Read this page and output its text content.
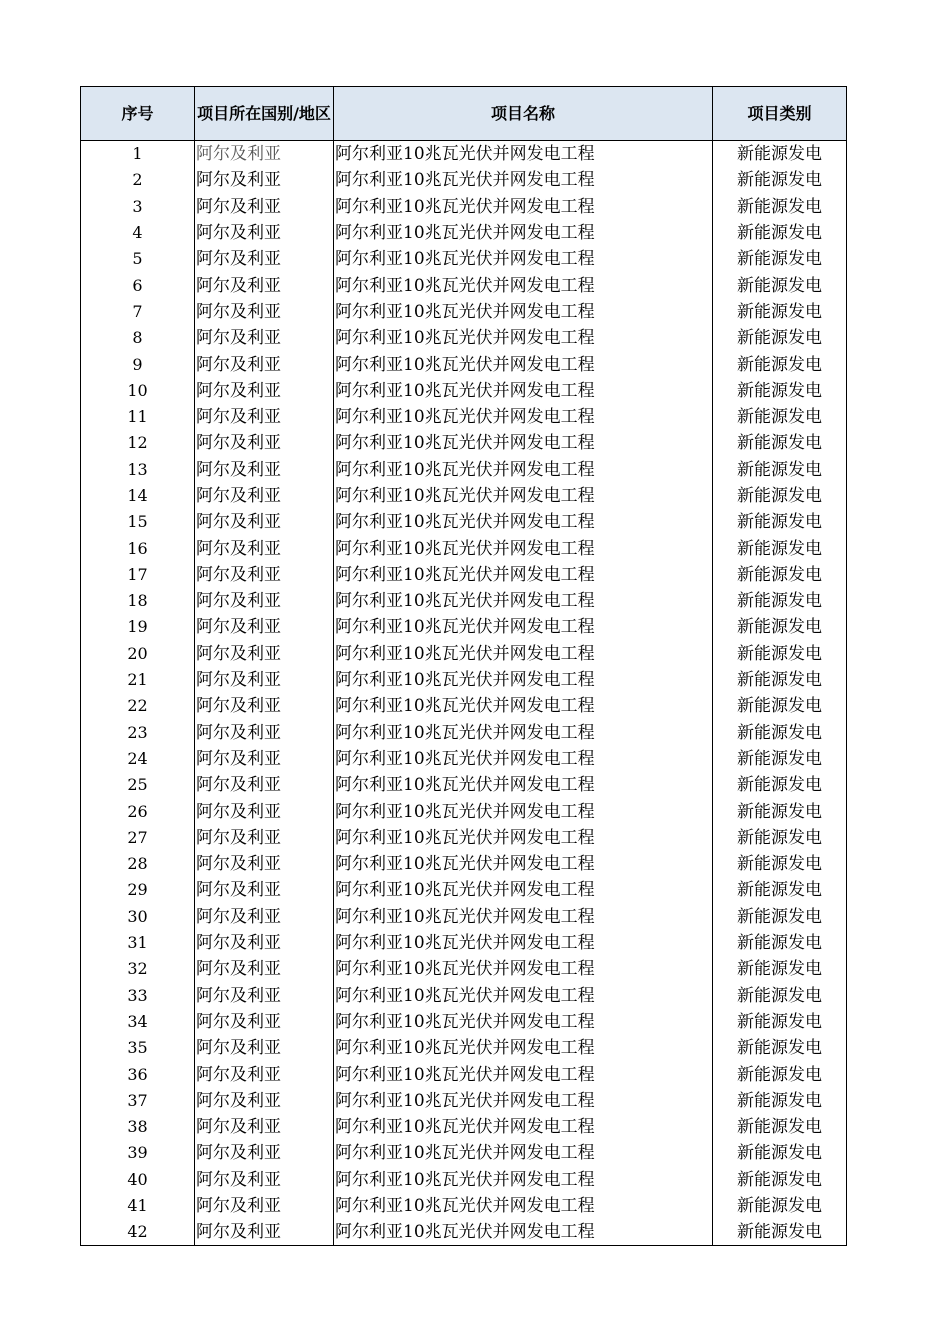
序号	项目所在国别/地区	项目名称	项目类别
1	阿尔及利亚	阿尔利亚10兆瓦光伏并网发电工程	新能源发电
2	阿尔及利亚	阿尔利亚10兆瓦光伏并网发电工程	新能源发电
3	阿尔及利亚	阿尔利亚10兆瓦光伏并网发电工程	新能源发电
4	阿尔及利亚	阿尔利亚10兆瓦光伏并网发电工程	新能源发电
5	阿尔及利亚	阿尔利亚10兆瓦光伏并网发电工程	新能源发电
6	阿尔及利亚	阿尔利亚10兆瓦光伏并网发电工程	新能源发电
7	阿尔及利亚	阿尔利亚10兆瓦光伏并网发电工程	新能源发电
8	阿尔及利亚	阿尔利亚10兆瓦光伏并网发电工程	新能源发电
9	阿尔及利亚	阿尔利亚10兆瓦光伏并网发电工程	新能源发电
10	阿尔及利亚	阿尔利亚10兆瓦光伏并网发电工程	新能源发电
11	阿尔及利亚	阿尔利亚10兆瓦光伏并网发电工程	新能源发电
12	阿尔及利亚	阿尔利亚10兆瓦光伏并网发电工程	新能源发电
13	阿尔及利亚	阿尔利亚10兆瓦光伏并网发电工程	新能源发电
14	阿尔及利亚	阿尔利亚10兆瓦光伏并网发电工程	新能源发电
15	阿尔及利亚	阿尔利亚10兆瓦光伏并网发电工程	新能源发电
16	阿尔及利亚	阿尔利亚10兆瓦光伏并网发电工程	新能源发电
17	阿尔及利亚	阿尔利亚10兆瓦光伏并网发电工程	新能源发电
18	阿尔及利亚	阿尔利亚10兆瓦光伏并网发电工程	新能源发电
19	阿尔及利亚	阿尔利亚10兆瓦光伏并网发电工程	新能源发电
20	阿尔及利亚	阿尔利亚10兆瓦光伏并网发电工程	新能源发电
21	阿尔及利亚	阿尔利亚10兆瓦光伏并网发电工程	新能源发电
22	阿尔及利亚	阿尔利亚10兆瓦光伏并网发电工程	新能源发电
23	阿尔及利亚	阿尔利亚10兆瓦光伏并网发电工程	新能源发电
24	阿尔及利亚	阿尔利亚10兆瓦光伏并网发电工程	新能源发电
25	阿尔及利亚	阿尔利亚10兆瓦光伏并网发电工程	新能源发电
26	阿尔及利亚	阿尔利亚10兆瓦光伏并网发电工程	新能源发电
27	阿尔及利亚	阿尔利亚10兆瓦光伏并网发电工程	新能源发电
28	阿尔及利亚	阿尔利亚10兆瓦光伏并网发电工程	新能源发电
29	阿尔及利亚	阿尔利亚10兆瓦光伏并网发电工程	新能源发电
30	阿尔及利亚	阿尔利亚10兆瓦光伏并网发电工程	新能源发电
31	阿尔及利亚	阿尔利亚10兆瓦光伏并网发电工程	新能源发电
32	阿尔及利亚	阿尔利亚10兆瓦光伏并网发电工程	新能源发电
33	阿尔及利亚	阿尔利亚10兆瓦光伏并网发电工程	新能源发电
34	阿尔及利亚	阿尔利亚10兆瓦光伏并网发电工程	新能源发电
35	阿尔及利亚	阿尔利亚10兆瓦光伏并网发电工程	新能源发电
36	阿尔及利亚	阿尔利亚10兆瓦光伏并网发电工程	新能源发电
37	阿尔及利亚	阿尔利亚10兆瓦光伏并网发电工程	新能源发电
38	阿尔及利亚	阿尔利亚10兆瓦光伏并网发电工程	新能源发电
39	阿尔及利亚	阿尔利亚10兆瓦光伏并网发电工程	新能源发电
40	阿尔及利亚	阿尔利亚10兆瓦光伏并网发电工程	新能源发电
41	阿尔及利亚	阿尔利亚10兆瓦光伏并网发电工程	新能源发电
42	阿尔及利亚	阿尔利亚10兆瓦光伏并网发电工程	新能源发电
